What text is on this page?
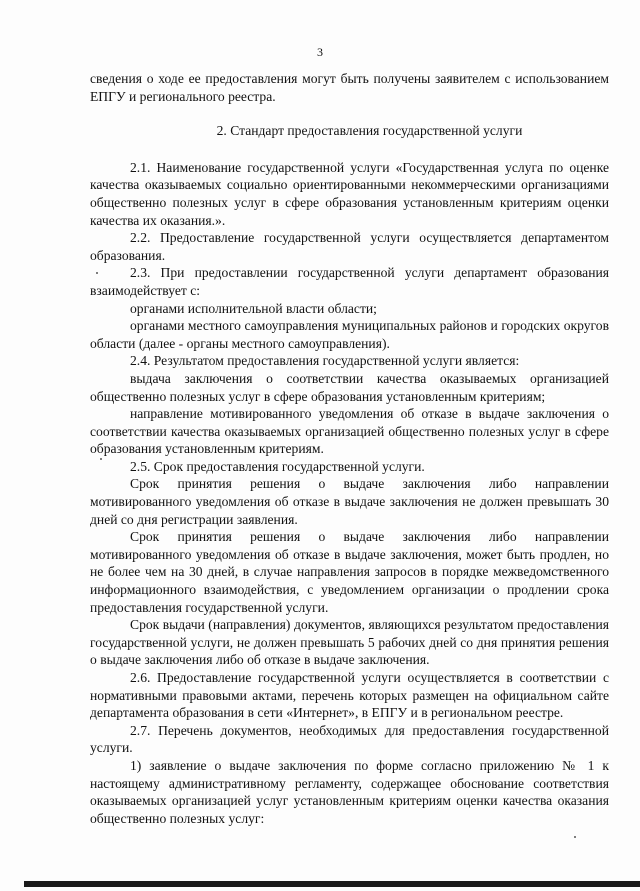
3

сведения о ходе ее предоставления могут быть получены заявителем с использованием ЕПГУ и регионального реестра.

2. Стандарт предоставления государственной услуги

2.1. Наименование государственной услуги «Государственная услуга по оценке качества оказываемых социально ориентированными некоммерческими организациями общественно полезных услуг в сфере образования установленным критериям оценки качества их оказания.».

2.2. Предоставление государственной услуги осуществляется департаментом образования.

2.3. При предоставлении государственной услуги департамент образования взаимодействует с:

органами исполнительной власти области;

органами местного самоуправления муниципальных районов и городских округов области (далее - органы местного самоуправления).

2.4. Результатом предоставления государственной услуги является:

выдача заключения о соответствии качества оказываемых организацией общественно полезных услуг в сфере образования установленным критериям;

направление мотивированного уведомления об отказе в выдаче заключения о соответствии качества оказываемых организацией общественно полезных услуг в сфере образования установленным критериям.

2.5. Срок предоставления государственной услуги.

Срок принятия решения о выдаче заключения либо направлении мотивированного уведомления об отказе в выдаче заключения не должен превышать 30 дней со дня регистрации заявления.

Срок принятия решения о выдаче заключения либо направлении мотивированного уведомления об отказе в выдаче заключения, может быть продлен, но не более чем на 30 дней, в случае направления запросов в порядке межведомственного информационного взаимодействия, с уведомлением организации о продлении срока предоставления государственной услуги.

Срок выдачи (направления) документов, являющихся результатом предоставления государственной услуги, не должен превышать 5 рабочих дней со дня принятия решения о выдаче заключения либо об отказе в выдаче заключения.

2.6. Предоставление государственной услуги осуществляется в соответствии с нормативными правовыми актами, перечень которых размещен на официальном сайте департамента образования в сети «Интернет», в ЕПГУ и в региональном реестре.

2.7. Перечень документов, необходимых для предоставления государственной услуги.

1) заявление о выдаче заключения по форме согласно приложению № 1 к настоящему административному регламенту, содержащее обоснование соответствия оказываемых организацией услуг установленным критериям оценки качества оказания общественно полезных услуг:
